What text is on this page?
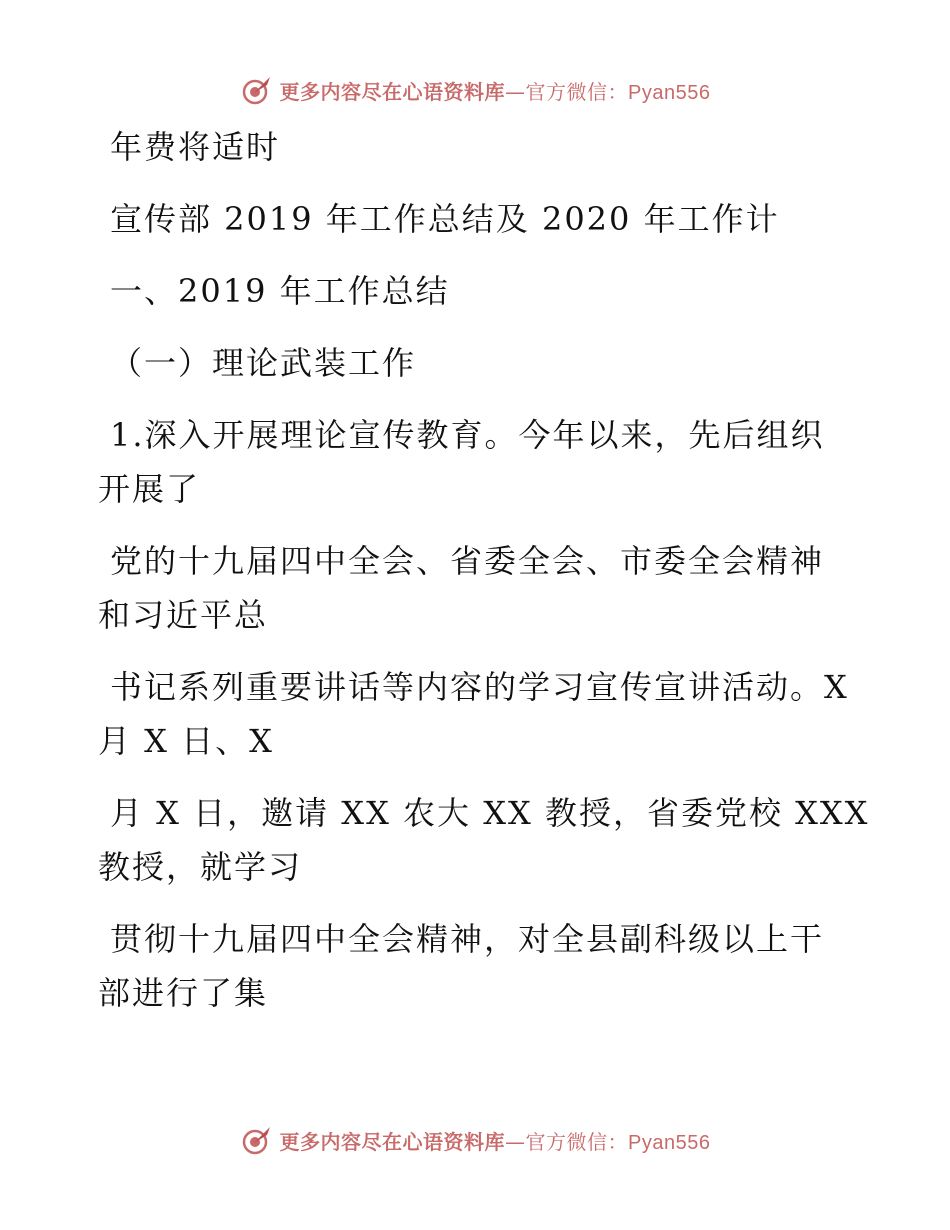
更多内容尽在心语资料库—官方微信：Pyan556
年费将适时
宣传部 2019 年工作总结及 2020 年工作计
一、2019 年工作总结
（一）理论武装工作
1.深入开展理论宣传教育。今年以来，先后组织
开展了
党的十九届四中全会、省委全会、市委全会精神
和习近平总
书记系列重要讲话等内容的学习宣传宣讲活动。X
月 X 日、X
月 X 日，邀请 XX 农大 XX 教授，省委党校 XXX
教授，就学习
贯彻十九届四中全会精神，对全县副科级以上干
部进行了集
更多内容尽在心语资料库—官方微信：Pyan556
